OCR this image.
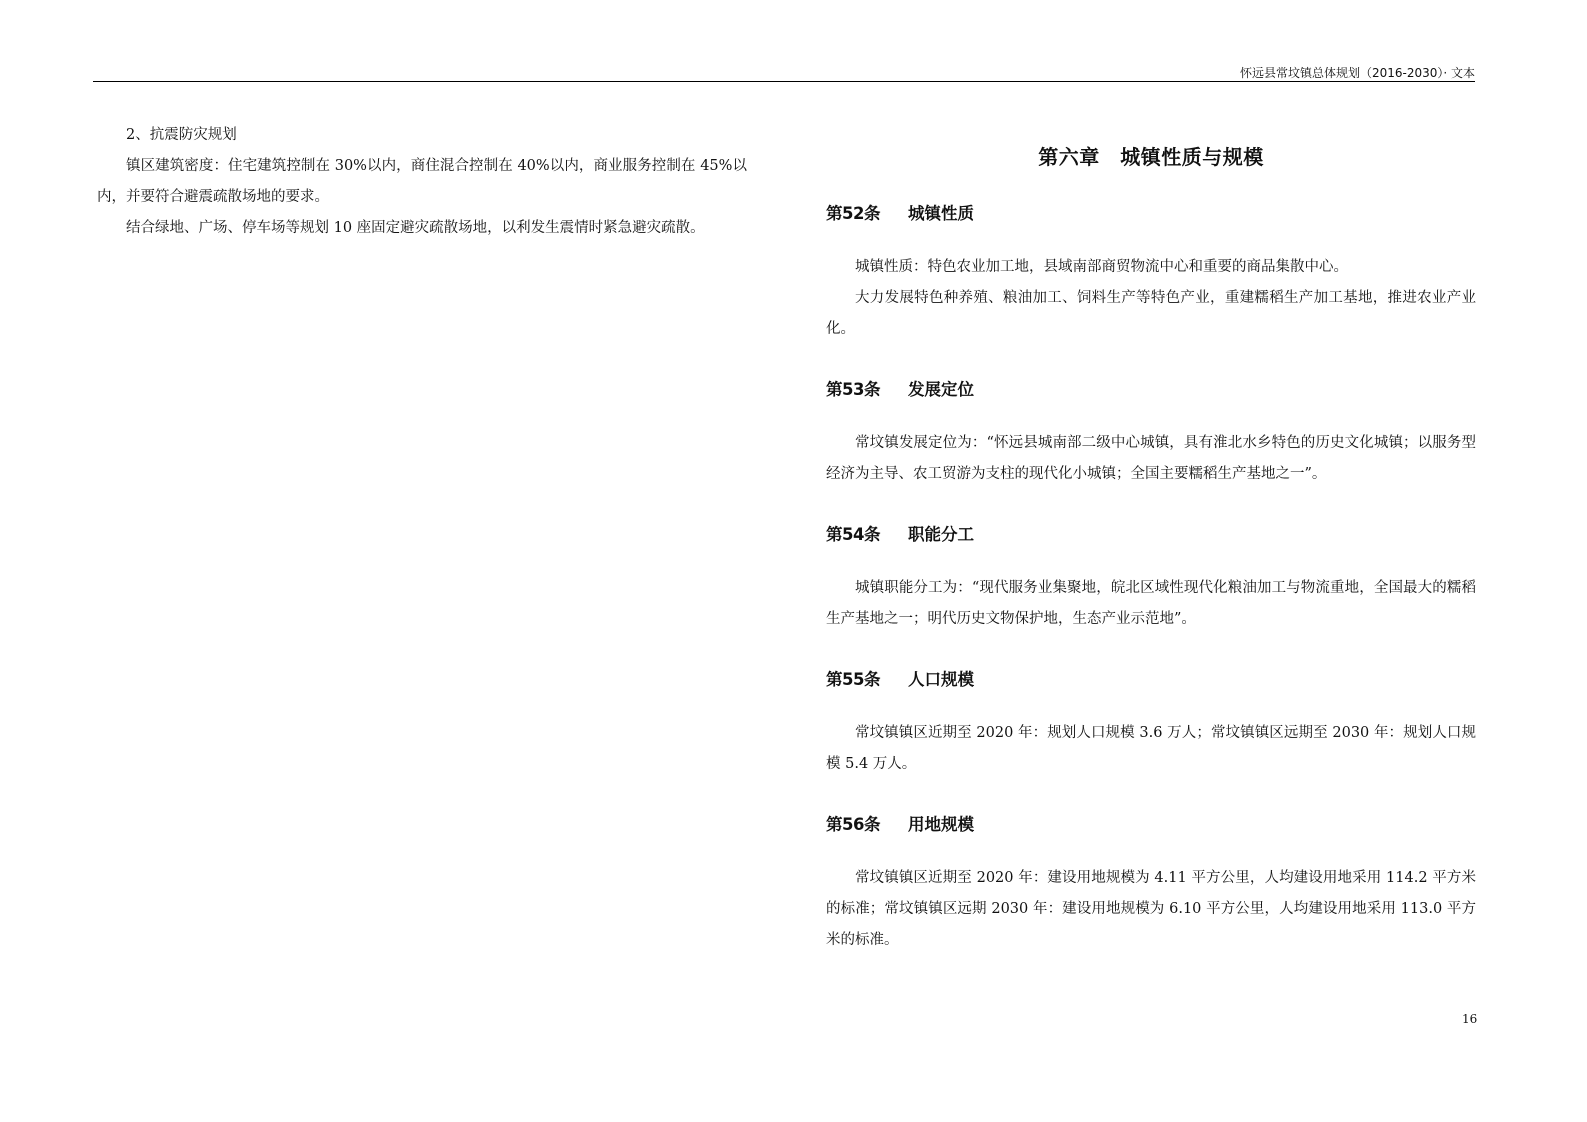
怀远县常坟镇总体规划（2016-2030）· 文本

2、抗震防灾规划

镇区建筑密度：住宅建筑控制在 30%以内，商住混合控制在 40%以内，商业服务控制在 45%以内，并要符合避震疏散场地的要求。

结合绿地、广场、停车场等规划 10 座固定避灾疏散场地，以利发生震情时紧急避灾疏散。

第六章　城镇性质与规模
第52条	城镇性质

城镇性质：特色农业加工地，县域南部商贸物流中心和重要的商品集散中心。

大力发展特色种养殖、粮油加工、饲料生产等特色产业，重建糯稻生产加工基地，推进农业产业化。

第53条	发展定位

常坟镇发展定位为：“怀远县城南部二级中心城镇，具有淮北水乡特色的历史文化城镇；以服务型经济为主导、农工贸游为支柱的现代化小城镇；全国主要糯稻生产基地之一”。

第54条	职能分工

城镇职能分工为：“现代服务业集聚地，皖北区域性现代化粮油加工与物流重地，全国最大的糯稻生产基地之一；明代历史文物保护地，生态产业示范地”。

第55条	人口规模

常坟镇镇区近期至 2020 年：规划人口规模 3.6 万人；常坟镇镇区远期至 2030 年：规划人口规模 5.4 万人。

第56条	用地规模

常坟镇镇区近期至 2020 年：建设用地规模为 4.11 平方公里，人均建设用地采用 114.2 平方米的标准；常坟镇镇区远期 2030 年：建设用地规模为 6.10 平方公里，人均建设用地采用 113.0 平方米的标准。

16
